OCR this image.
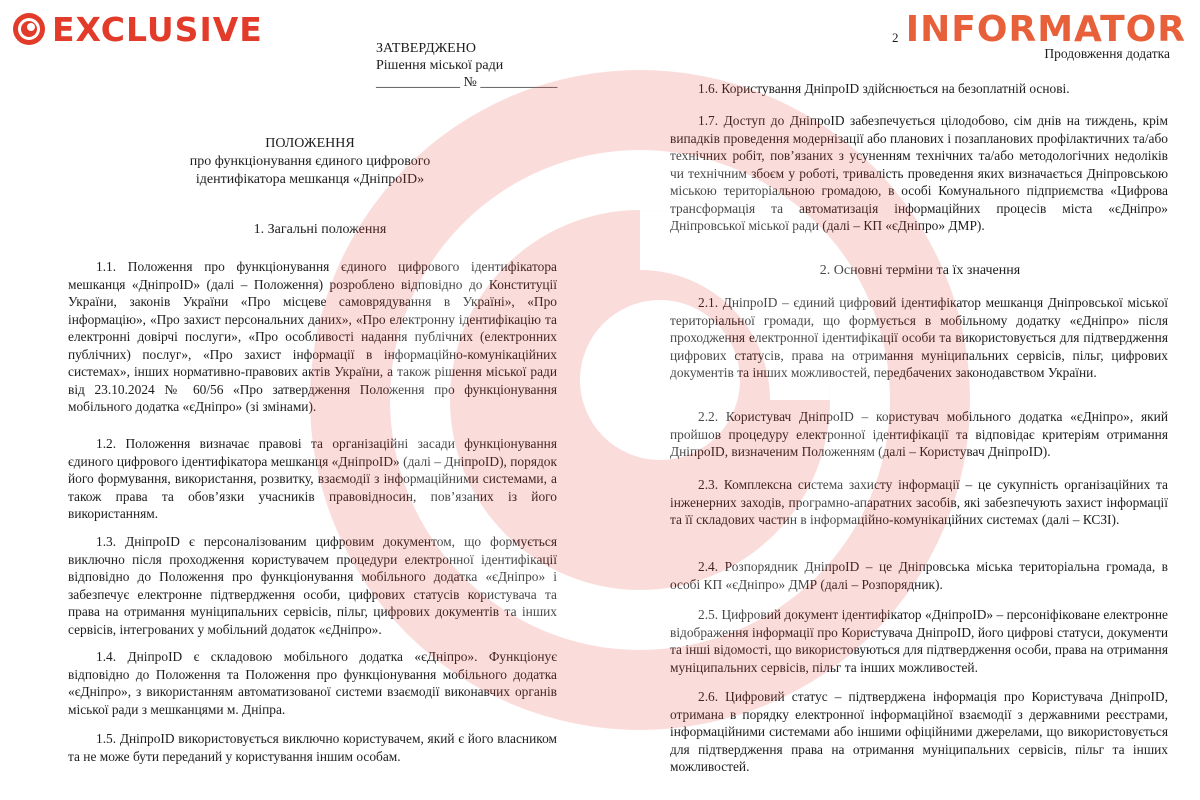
EXCLUSIVE	ЗАТВЕРДЖЕНО
Рішення міської ради
____________ № ___________
ПОЛОЖЕННЯ
про функціонування єдиного цифрового
ідентифікатора мешканця «ДніпроID»
1. Загальні положення

1.1. Положення про функціонування єдиного цифрового ідентифікатора мешканця «ДніпроID» (далі – Положення) розроблено відповідно до Конституції України, законів України «Про місцеве самоврядування в Україні», «Про інформацію», «Про захист персональних даних», «Про електронну ідентифікацію та електронні довірчі послуги», «Про особливості надання публічних (електронних публічних) послуг», «Про захист інформації в інформаційно-комунікаційних системах», інших нормативно-правових актів України, а також рішення міської ради від 23.10.2024 № 60/56 «Про затвердження Положення про функціонування мобільного додатка «єДніпро» (зі змінами).

1.2. Положення визначає правові та організаційні засади функціонування єдиного цифрового ідентифікатора мешканця «ДніпроID» (далі – ДніпроID), порядок його формування, використання, розвитку, взаємодії з інформаційними системами, а також права та обов’язки учасників правовідносин, пов’язаних із його використанням.

1.3. ДніпроID є персоналізованим цифровим документом, що формується виключно після проходження користувачем процедури електронної ідентифікації відповідно до Положення про функціонування мобільного додатка «єДніпро» і забезпечує електронне підтвердження особи, цифрових статусів користувача та права на отримання муніципальних сервісів, пільг, цифрових документів та інших сервісів, інтегрованих у мобільний додаток «єДніпро».

1.4. ДніпроID є складовою мобільного додатка «єДніпро». Функціонує відповідно до Положення та Положення про функціонування мобільного додатка «єДніпро», з використанням автоматизованої системи взаємодії виконавчих органів міської ради з мешканцями м. Дніпра.

1.5. ДніпроID використовується виключно користувачем, який є його власником та не може бути переданий у користування іншим особам.

2 INFORMATOR
Продовження додатка

1.6. Користування ДніпроID здійснюється на безоплатній основі.

1.7. Доступ до ДніпроID забезпечується цілодобово, сім днів на тиждень, крім випадків проведення модернізації або планових і позапланових профілактичних та/або технічних робіт, пов’язаних з усуненням технічних та/або методологічних недоліків чи технічним збоєм у роботі, тривалість проведення яких визначається Дніпровською міською територіальною громадою, в особі Комунального підприємства «Цифрова трансформація та автоматизація інформаційних процесів міста «єДніпро» Дніпровської міської ради (далі – КП «єДніпро» ДМР).

2. Основні терміни та їх значення

2.1. ДніпроID – єдиний цифровий ідентифікатор мешканця Дніпровської міської територіальної громади, що формується в мобільному додатку «єДніпро» після проходження електронної ідентифікації особи та використовується для підтвердження цифрових статусів, права на отримання муніципальних сервісів, пільг, цифрових документів та інших можливостей, передбачених законодавством України.

2.2. Користувач ДніпроID – користувач мобільного додатка «єДніпро», який пройшов процедуру електронної ідентифікації та відповідає критеріям отримання ДніпроID, визначеним Положенням (далі – Користувач ДніпроID).

2.3. Комплексна система захисту інформації – це сукупність організаційних та інженерних заходів, програмно-апаратних засобів, які забезпечують захист інформації та її складових частин в інформаційно-комунікаційних системах (далі – КСЗІ).

2.4. Розпорядник ДніпроID – це Дніпровська міська територіальна громада, в особі КП «єДніпро» ДМР (далі – Розпорядник).

2.5. Цифровий документ ідентифікатор «ДніпроID» – персоніфіковане електронне відображення інформації про Користувача ДніпроID, його цифрові статуси, документи та інші відомості, що використовуються для підтвердження особи, права на отримання муніципальних сервісів, пільг та інших можливостей.

2.6. Цифровий статус – підтверджена інформація про Користувача ДніпроID, отримана в порядку електронної інформаційної взаємодії з державними реєстрами, інформаційними системами або іншими офіційними джерелами, що використовується для підтвердження права на отримання муніципальних сервісів, пільг та інших можливостей.
